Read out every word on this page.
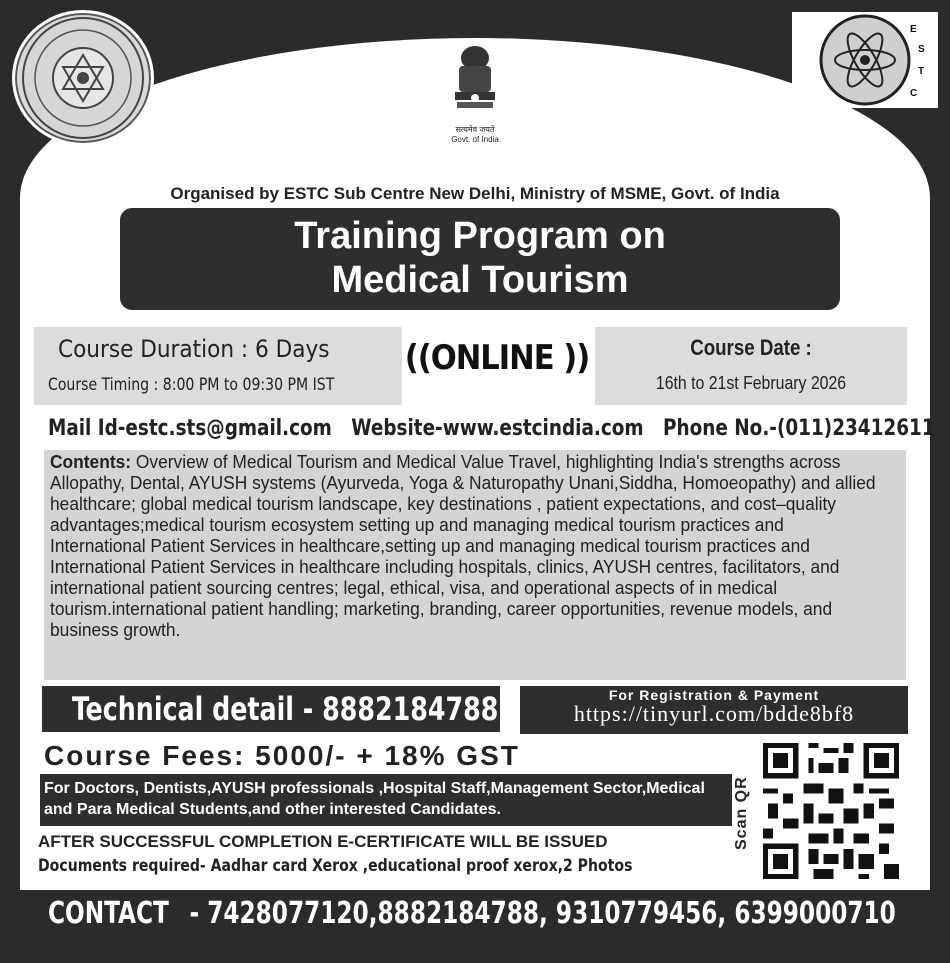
सत्यमेव जयते
Govt. of India
E
S
T
C
Organised by ESTC Sub Centre New Delhi, Ministry of MSME, Govt. of India
Training Program on
Medical Tourism
Course Duration : 6 Days
Course Timing : 8:00 PM to 09:30 PM IST
((ONLINE ))	Course Date :
16th to 21st February 2026
Mail Id-estc.sts@gmail.com Website-www.estcindia.com Phone No.-(011)23412611
Contents: Overview of Medical Tourism and Medical Value Travel, highlighting India's strengths across Allopathy, Dental, AYUSH systems (Ayurveda, Yoga & Naturopathy Unani,Siddha, Homoeopathy) and allied healthcare; global medical tourism landscape, key destinations , patient expectations, and cost–quality advantages;medical tourism ecosystem setting up and managing medical tourism practices and International Patient Services in healthcare,setting up and managing medical tourism practices and International Patient Services in healthcare including hospitals, clinics, AYUSH centres, facilitators, and international patient sourcing centres; legal, ethical, visa, and operational aspects of in medical tourism.international patient handling; marketing, branding, career opportunities, revenue models, and business growth.
Technical detail - 8882184788	For Registration & Payment
https://tinyurl.com/bdde8bf8
Course Fees: 5000/- + 18% GST
For Doctors, Dentists,AYUSH professionals ,Hospital Staff,Management Sector,Medical and Para Medical Students,and other interested Candidates.
AFTER SUCCESSFUL COMPLETION E-CERTIFICATE WILL BE ISSUED
Documents required- Aadhar card Xerox ,educational proof xerox,2 Photos
Scan QR
CONTACT - 7428077120,8882184788, 9310779456, 6399000710
